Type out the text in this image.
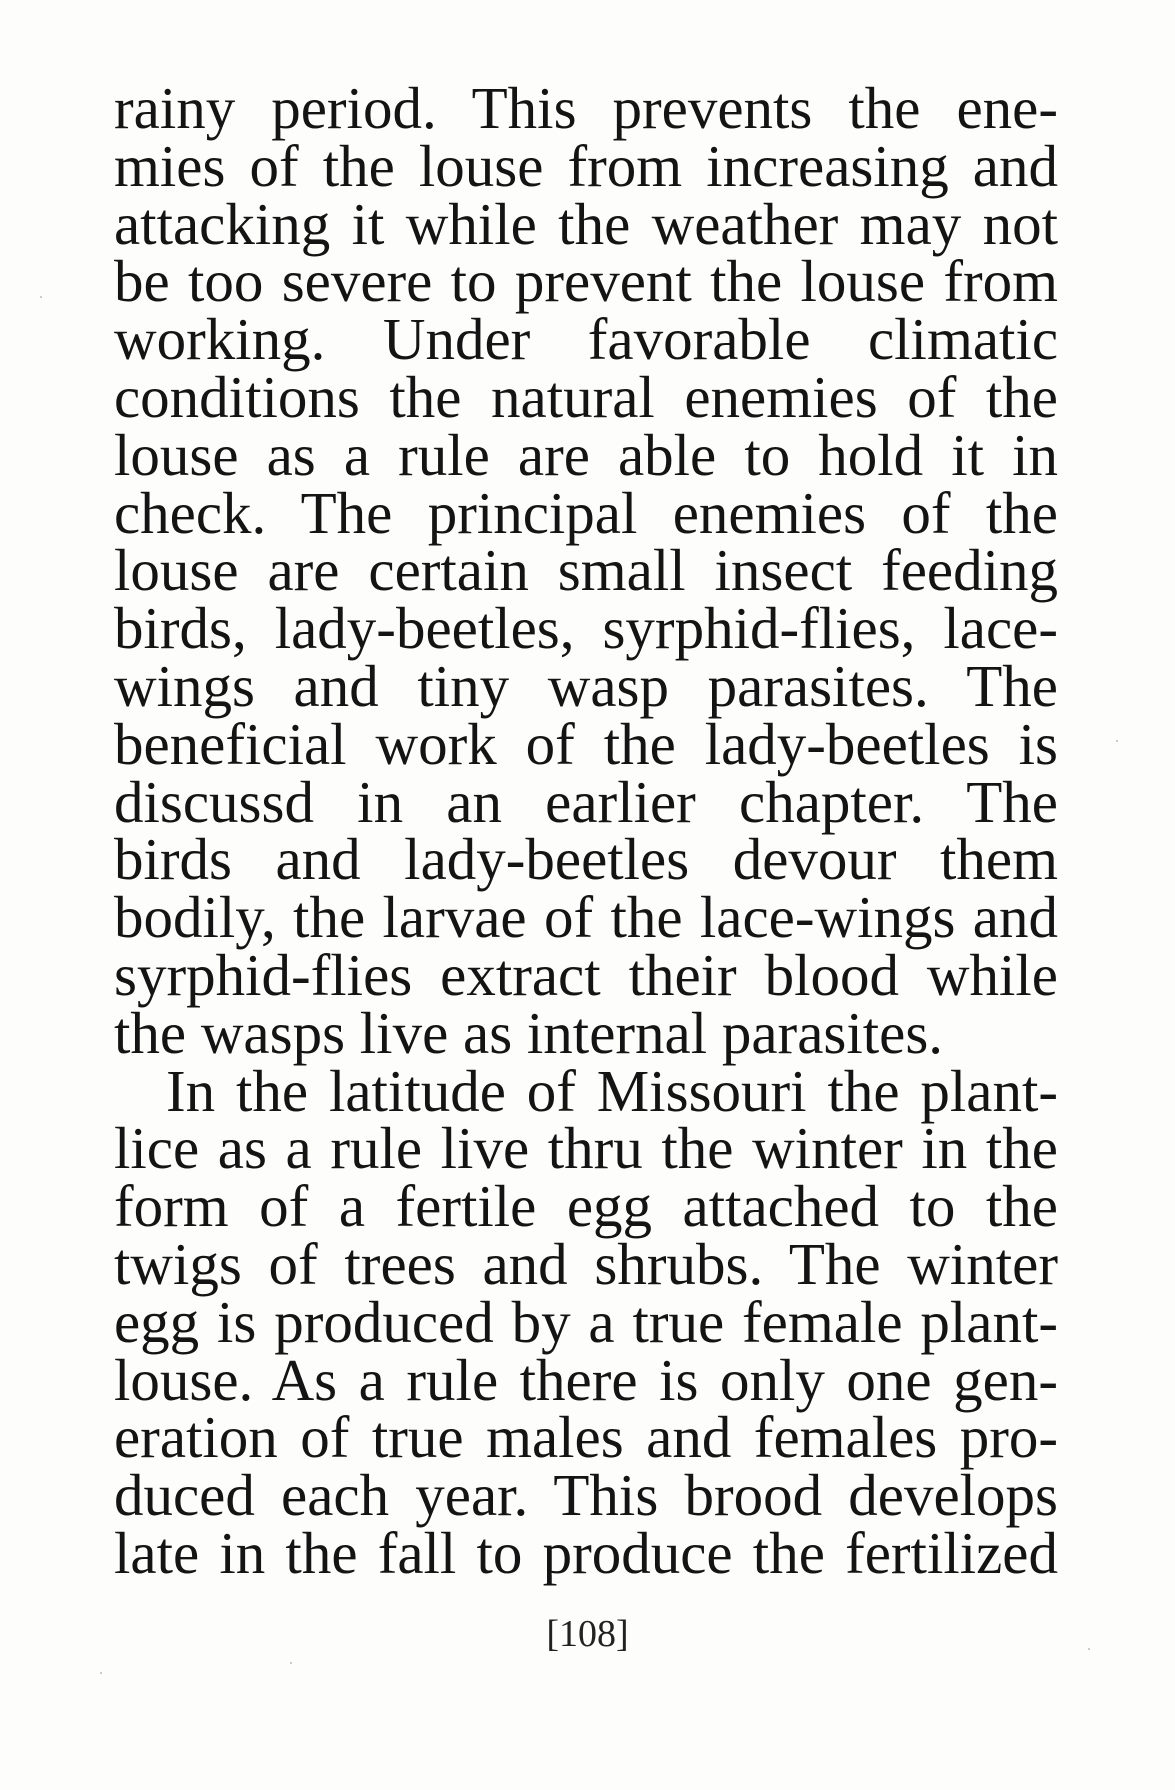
rainy period. This prevents the ene-
mies of the louse from increasing and
attacking it while the weather may not
be too severe to prevent the louse from
working. Under favorable climatic
conditions the natural enemies of the
louse as a rule are able to hold it in
check. The principal enemies of the
louse are certain small insect feeding
birds, lady-beetles, syrphid-flies, lace-
wings and tiny wasp parasites. The
beneficial work of the lady-beetles is
discussd in an earlier chapter. The
birds and lady-beetles devour them
bodily, the larvae of the lace-wings and
syrphid-flies extract their blood while
the wasps live as internal parasites.
In the latitude of Missouri the plant-
lice as a rule live thru the winter in the
form of a fertile egg attached to the
twigs of trees and shrubs. The winter
egg is produced by a true female plant-
louse. As a rule there is only one gen-
eration of true males and females pro-
duced each year. This brood develops
late in the fall to produce the fertilized
[108]
